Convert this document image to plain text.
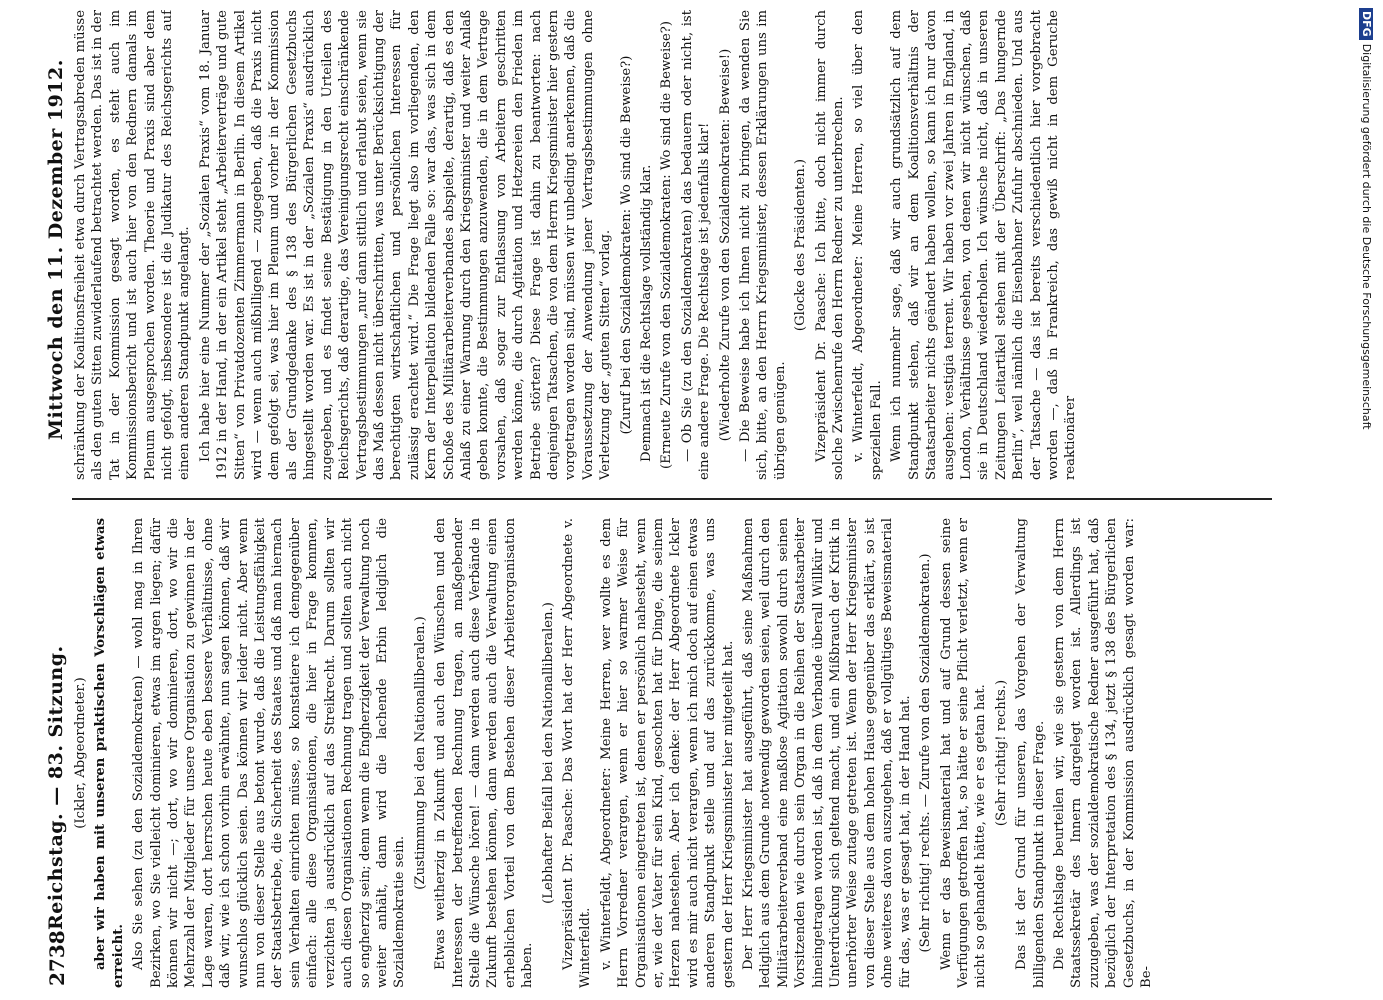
2738
Reichstag. — 83. Sitzung.
Mittwoch den 11. Dezember 1912.

(Ickler, Abgeordneter.) aber wir haben mit unseren praktischen Vorschlägen etwas erreicht. Also Sie sehen (zu den Sozialdemokraten) — wohl mag in Ihren Bezirken, wo Sie vielleicht dominieren, etwas im argen liegen; dafür können wir nicht —; dort, wo wir dominieren, dort, wo wir die Mehrzahl der Mitglieder für unsere Organisation zu gewinnen in der Lage waren, dort herrschen heute eben bessere Verhältnisse, ohne daß wir, wie ich schon vorhin erwähnte, nun sagen können, daß wir wunschlos glücklich seien. Das können wir leider nicht. Aber wenn nun von dieser Stelle aus betont wurde, daß die Leistungsfähigkeit der Staatsbetriebe, die Sicherheit des Staates und daß man hiernach sein Verhalten einrichten müsse, so konstatiere ich demgegenüber einfach: alle diese Organisationen, die hier in Frage kommen, verzichten ja ausdrücklich auf das Streikrecht. Darum sollten wir auch diesen Organisationen Rechnung tragen und sollten auch nicht so engherzig sein; denn wenn die Engherzigkeit der Verwaltung noch weiter anhält, dann wird die lachende Erbin lediglich die Sozialdemokratie sein.

(Zustimmung bei den Nationalliberalen.) Etwas weitherzig in Zukunft und auch den Wünschen und den Interessen der betreffenden Rechnung tragen, an maßgebender Stelle die Wünsche hören! — dann werden auch diese Verbände in Zukunft bestehen können, dann werden auch die Verwaltung einen erheblichen Vorteil von dem Bestehen dieser Arbeiterorganisation haben.

(Lebhafter Beifall bei den Nationalliberalen.) Vizepräsident Dr. Paasche: Das Wort hat der Herr Abgeordnete v. Winterfeldt. v. Winterfeldt, Abgeordneter: Meine Herren, wer wollte es dem Herrn Vorredner verargen, wenn er hier so warmer Weise für Organisationen eingetreten ist, denen er persönlich nahesteht, wenn er, wie der Vater für sein Kind, gesochten hat für Dinge, die seinem Herzen nahestehen. Aber ich denke: der Herr Abgeordnete Ickler wird es mir auch nicht verargen, wenn ich mich doch auf einen etwas anderen Standpunkt stelle und auf das zurückkomme, was uns gestern der Herr Kriegsminister hier mitgeteilt hat. Der Herr Kriegsminister hat ausgeführt, daß seine Maßnahmen lediglich aus dem Grunde notwendig geworden seien, weil durch den Militärarbeiterverband eine maßlose Agitation sowohl durch seinen Vorsitzenden wie durch sein Organ in die Reihen der Staatsarbeiter hineingetragen worden ist, daß in dem Verbande überall Willkür und Unterdrückung sich geltend macht, und ein Mißbrauch der Kritik in unerhörter Weise zutage getreten ist. Wenn der Herr Kriegsminister von dieser Stelle aus dem hohen Hause gegenüber das erklärt, so ist ohne weiteres davon auszugehen, daß er vollgültiges Beweismaterial für das, was er gesagt hat, in der Hand hat. (Sehr richtig! rechts. — Zurufe von den Sozialdemokraten.) Wenn er das Beweismaterial hat und auf Grund dessen seine Verfügungen getroffen hat, so hätte er seine Pflicht verletzt, wenn er nicht so gehandelt hätte, wie er es getan hat. (Sehr richtig! rechts.) Das ist der Grund für unseren, das Vorgehen der Verwaltung billigenden Standpunkt in dieser Frage. Die Rechtslage beurteilen wir, wie sie gestern von dem Herrn Staatssekretär des Innern dargelegt worden ist. Allerdings ist zuzugeben, was der sozialdemokratische Redner ausgeführt hat, daß bezüglich der Interpretation des § 134, jetzt § 138 des Bürgerlichen Gesetzbuchs, in der Kommission ausdrücklich gesagt worden war: Be-

schränkung der Koalitionsfreiheit etwa durch Vertragsabreden müsse als den guten Sitten zuwiderlaufend betrachtet werden. Das ist in der Tat in der Kommission gesagt worden, es steht auch im Kommissionsbericht und ist auch hier von den Rednern damals im Plenum ausgesprochen worden. Theorie und Praxis sind aber dem nicht gefolgt, insbesondere ist die Judikatur des Reichsgerichts auf einen anderen Standpunkt angelangt. Ich habe hier eine Nummer der „Sozialen Praxis“ vom 18. Januar 1912 in der Hand, in der ein Artikel steht „Arbeiterverträge und gute Sitten“ von Privatdozenten Zimmermann in Berlin. In diesem Artikel wird — wenn auch mißbilligend — zugegeben, daß die Praxis nicht dem gefolgt sei, was hier im Plenum und vorher in der Kommission als der Grundgedanke des § 138 des Bürgerlichen Gesetzbuchs hingestellt worden war. Es ist in der „Sozialen Praxis“ ausdrücklich zugegeben, und es findet seine Bestätigung in den Urteilen des Reichsgerichts, daß derartige, das Vereinigungsrecht einschränkende Vertragsbestimmungen „nur dann sittlich und erlaubt seien, wenn sie das Maß dessen nicht überschritten, was unter Berücksichtigung der berechtigten wirtschaftlichen und persönlichen Interessen für zulässig erachtet wird.“ Die Frage liegt also im vorliegenden, den Kern der Interpellation bildenden Falle so: war das, was sich in dem Schoße des Militärarbeiterverbandes abspielte, derartig, daß es den Anlaß zu einer Warnung durch den Kriegsminister und weiter Anlaß geben konnte, die Bestimmungen anzuwenden, die in dem Vertrage vorsahen, daß sogar zur Entlassung von Arbeitern geschritten werden könne, die durch Agitation und Hetzereien den Frieden im Betriebe störten? Diese Frage ist dahin zu beantworten: nach denjenigen Tatsachen, die von dem Herrn Kriegsminister hier gestern vorgetragen worden sind, müssen wir unbedingt anerkennen, daß die Voraussetzung der Anwendung jener Vertragsbestimmungen ohne Verletzung der „guten Sitten“ vorlag. (Zuruf bei den Sozialdemokraten: Wo sind die Beweise?) Demnach ist die Rechtslage vollständig klar. (Erneute Zurufe von den Sozialdemokraten: Wo sind die Beweise?) — Ob Sie (zu den Sozialdemokraten) das bedauern oder nicht, ist eine andere Frage. Die Rechtslage ist jedenfalls klar! (Wiederholte Zurufe von den Sozialdemokraten: Beweise!) — Die Beweise habe ich Ihnen nicht zu bringen, da wenden Sie sich, bitte, an den Herrn Kriegsminister, dessen Erklärungen uns im übrigen genügen.

(Glocke des Präsidenten.) Vizepräsident Dr. Paasche: Ich bitte, doch nicht immer durch solche Zwischenrufe den Herrn Redner zu unterbrechen. v. Winterfeldt, Abgeordneter: Meine Herren, so viel über den speziellen Fall. Wenn ich nunmehr sage, daß wir auch grundsätzlich auf dem Standpunkt stehen, daß wir an dem Koalitionsverhältnis der Staatsarbeiter nichts geändert haben wollen, so kann ich nur davon ausgehen: vestigia terrent. Wir haben vor zwei Jahren in England, in London, Verhältnisse gesehen, von denen wir nicht wünschen, daß sie in Deutschland wiederholen. Ich wünsche nicht, daß in unseren Zeitungen Leitartikel stehen mit der Überschrift: „Das hungernde Berlin“, weil nämlich die Eisenbahner Zufuhr abschnieden. Und aus der Tatsache — das ist bereits verschiedentlich hier vorgebracht worden —, daß in Frankreich, das gewiß nicht in dem Geruche reaktionärer

DFGDigitalisierung gefördert durch die Deutsche Forschungsgemeinschaft
